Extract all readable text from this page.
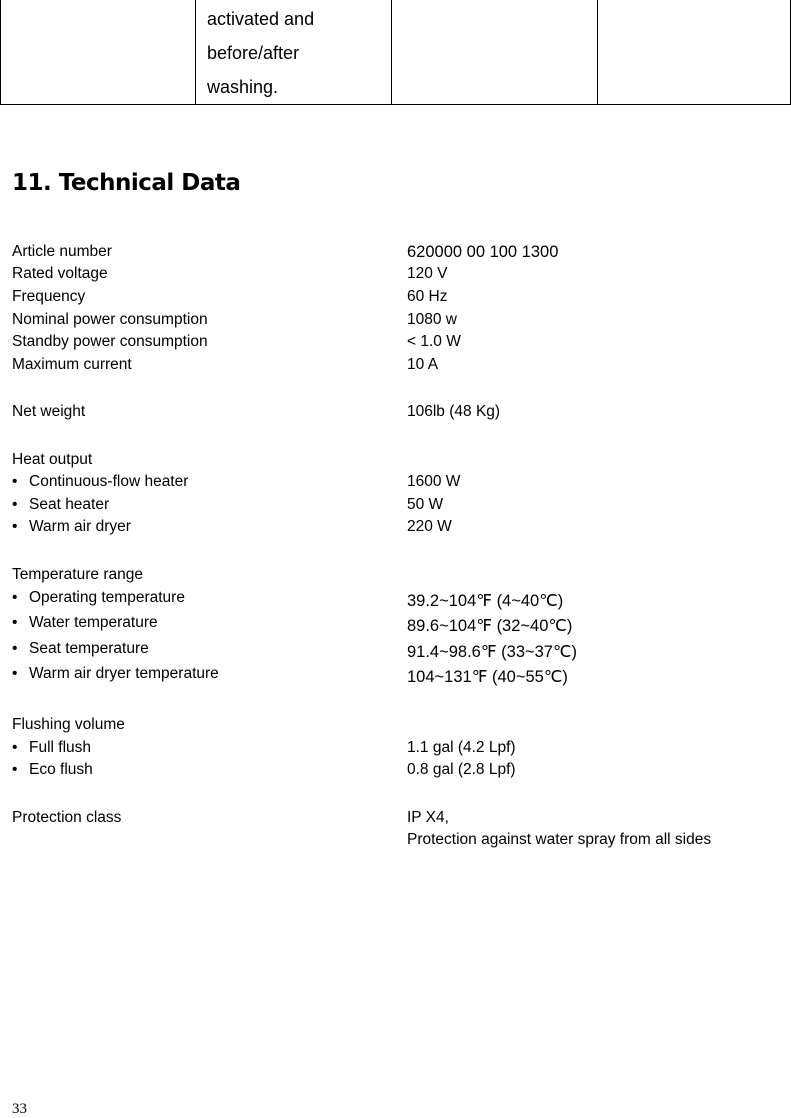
activated and
before/after
washing.

11. Technical Data
Article number	620000 00 100 1300
Rated voltage	120 V
Frequency	60 Hz
Nominal power consumption	1080 w
Standby power consumption	< 1.0 W
Maximum current	10 A
Net weight	106lb (48 Kg)
Heat output
• Continuous-flow heater	1600 W
• Seat heater	50 W
• Warm air dryer	220 W
Temperature range
• Operating temperature	39.2~104℉ (4~40℃)
• Water temperature	89.6~104℉ (32~40℃)
• Seat temperature	91.4~98.6℉ (33~37℃)
• Warm air dryer temperature	104~131℉ (40~55℃)
Flushing volume
• Full flush	1.1 gal (4.2 Lpf)
• Eco flush	0.8 gal (2.8 Lpf)
Protection class	IP X4,
Protection against water spray from all sides
33
